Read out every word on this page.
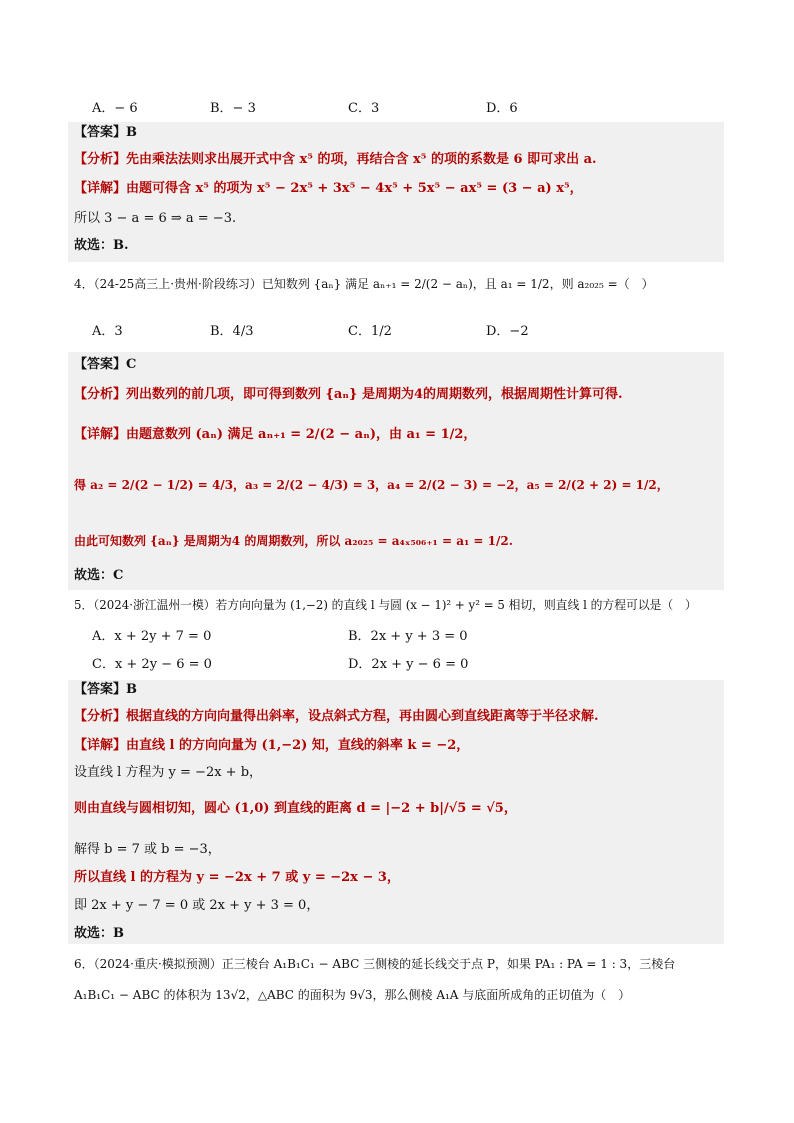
A．− 6	B．− 3	C．3	D．6
【答案】B
【分析】先由乘法法则求出展开式中含 x⁵ 的项，再结合含 x⁵ 的项的系数是 6 即可求出 a.
【详解】由题可得含 x⁵ 的项为 x⁵ − 2x⁵ + 3x⁵ − 4x⁵ + 5x⁵ − ax⁵ = (3 − a) x⁵，
所以 3 − a = 6 ⇒ a = −3.
故选：B.
4．（24-25高三上·贵州·阶段练习）已知数列 {aₙ} 满足 aₙ₊₁ = 2/(2 − aₙ)，且 a₁ = 1/2，则 a₂₀₂₅ =（　）
A．3	B．4/3	C．1/2	D．−2
【答案】C
【分析】列出数列的前几项，即可得到数列 {aₙ} 是周期为4的周期数列，根据周期性计算可得.
【详解】由题意数列 (aₙ) 满足 aₙ₊₁ = 2/(2 − aₙ)，由 a₁ = 1/2，
得 a₂ = 2/(2 − 1/2) = 4/3，a₃ = 2/(2 − 4/3) = 3，a₄ = 2/(2 − 3) = −2，a₅ = 2/(2 + 2) = 1/2，
由此可知数列 {aₙ} 是周期为4 的周期数列，所以 a₂₀₂₅ = a₄ₓ₅₀₆₊₁ = a₁ = 1/2.
故选：C
5．（2024·浙江温州一模）若方向向量为 (1,−2) 的直线 l 与圆 (x − 1)² + y² = 5 相切，则直线 l 的方程可以是（　）
A．x + 2y + 7 = 0	B．2x + y + 3 = 0
C．x + 2y − 6 = 0	D．2x + y − 6 = 0
【答案】B
【分析】根据直线的方向向量得出斜率，设点斜式方程，再由圆心到直线距离等于半径求解.
【详解】由直线 l 的方向向量为 (1,−2) 知，直线的斜率 k = −2，
设直线 l 方程为 y = −2x + b，
则由直线与圆相切知，圆心 (1,0) 到直线的距离 d = |−2 + b|/√5 = √5，
解得 b = 7 或 b = −3，
所以直线 l 的方程为 y = −2x + 7 或 y = −2x − 3，
即 2x + y − 7 = 0 或 2x + y + 3 = 0，
故选：B
6．（2024·重庆·模拟预测）正三棱台 A₁B₁C₁ − ABC 三侧棱的延长线交于点 P，如果 PA₁ : PA = 1 : 3，三棱台
A₁B₁C₁ − ABC 的体积为 13√2，△ABC 的面积为 9√3，那么侧棱 A₁A 与底面所成角的正切值为（　）
